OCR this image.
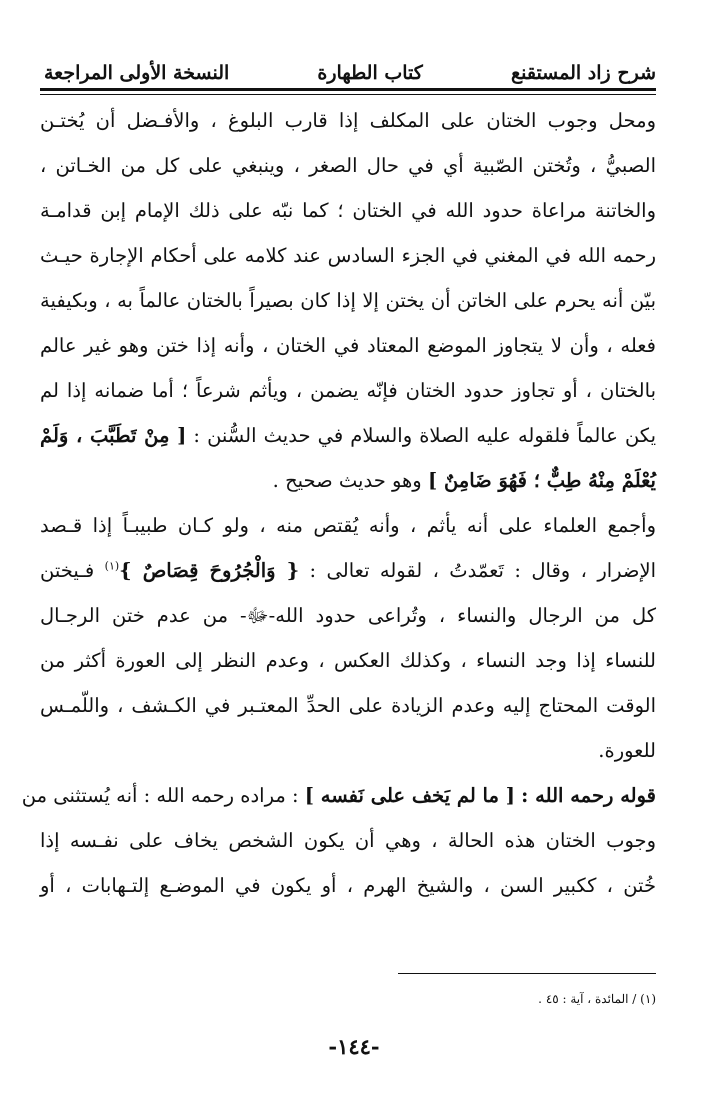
شرح زاد المستقنع
كتاب الطهارة
النسخة الأولى المراجعة
ومحل وجوب الختان على المكلف إذا قارب البلوغ ، والأفـضل أن يُختـن
الصبيُّ ، وتُختن الصّبية أي في حال الصغر ، وينبغي على كل من الخـاتن ،
والخاتنة مراعاة حدود الله في الختان ؛ كما نبّه على ذلك الإمام إبن قدامـة
رحمه الله في المغني في الجزء السادس عند كلامه على أحكام الإجارة حيـث
بيّن أنه يحرم على الخاتن أن يختن إلا إذا كان بصيراً بالختان عالماً به ، وبكيفية
فعله ، وأن لا يتجاوز الموضع المعتاد في الختان ، وأنه إذا ختن وهو غير عالم
بالختان ، أو تجاوز حدود الختان فإنّه يضمن ، ويأثم شرعاً ؛ أما ضمانه إذا لم
يكن عالماً فلقوله عليه الصلاة والسلام في حديث السُّنن : [ مِنْ تَطَبَّبَ ، وَلَمْ
يُعْلَمْ مِنْهُ طِبٌّ ؛ فَهُوَ ضَامِنٌ ] وهو حديث صحيح .
وأجمع العلماء على أنه يأثم ، وأنه يُقتص منه ، ولو كـان طبيبـاً إذا قـصد
الإضرار ، وقال : تَعمّدتُ ، لقوله تعالى : { وَالْجُرُوحَ قِصَاصٌ }$^{(١)}$ فـيختن
كل من الرجال والنساء ، وتُراعى حدود الله-ﷻ- من عدم ختن الرجـال
للنساء إذا وجد النساء ، وكذلك العكس ، وعدم النظر إلى العورة أكثر من
الوقت المحتاج إليه وعدم الزيادة على الحدِّ المعتـبر في الكـشف ، واللّمـس
للعورة.
قوله رحمه الله : [ ما لم يَخف على نَفسه ] : مراده رحمه الله : أنه يُستثنى من
وجوب الختان هذه الحالة ، وهي أن يكون الشخص يخاف على نفـسه إذا
خُتن ، ككبير السن ، والشيخ الهرم ، أو يكون في الموضـع إلتـهابات ، أو
(١) / المائدة ، آية : ٤٥ .
-١٤٤-
